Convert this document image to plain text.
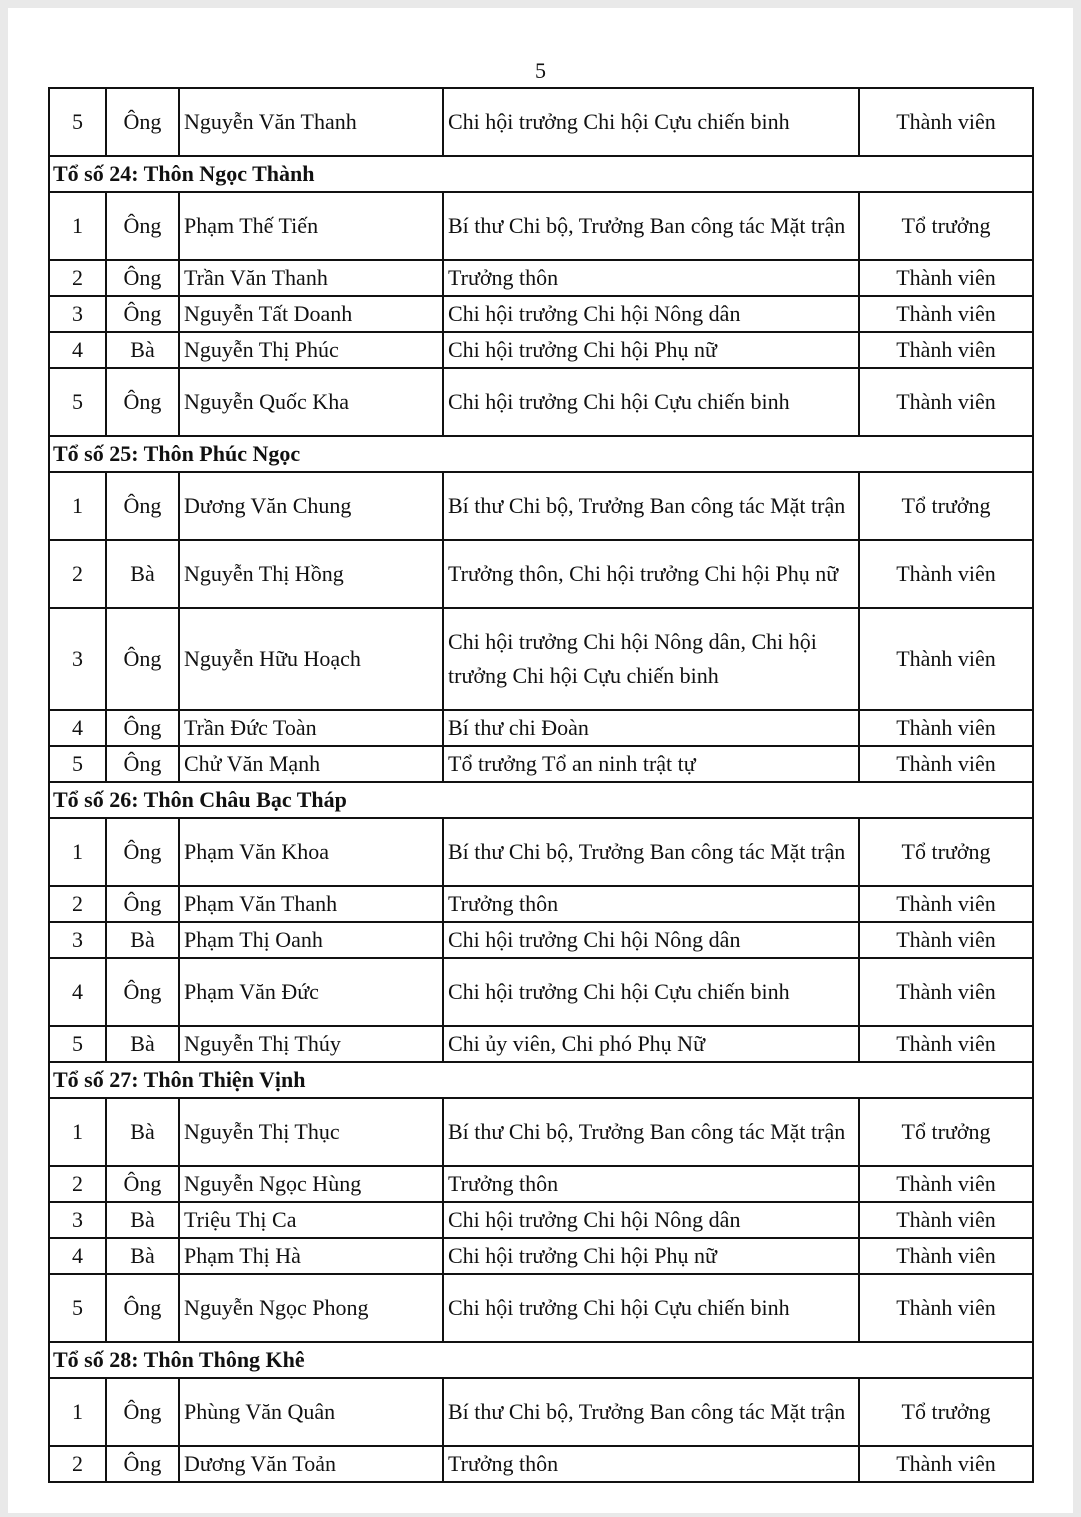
5
5	Ông	Nguyễn Văn Thanh	Chi hội trưởng Chi hội Cựu chiến binh	Thành viên
Tổ số 24: Thôn Ngọc Thành				
1	Ông	Phạm Thế Tiến	Bí thư Chi bộ, Trưởng Ban công tác Mặt trận	Tổ trưởng
2	Ông	Trần Văn Thanh	Trưởng thôn	Thành viên
3	Ông	Nguyễn Tất Doanh	Chi hội trưởng Chi hội Nông dân	Thành viên
4	Bà	Nguyễn Thị Phúc	Chi hội trưởng Chi hội Phụ nữ	Thành viên
5	Ông	Nguyễn Quốc Kha	Chi hội trưởng Chi hội Cựu chiến binh	Thành viên
Tổ số 25: Thôn Phúc Ngọc				
1	Ông	Dương Văn Chung	Bí thư Chi bộ, Trưởng Ban công tác Mặt trận	Tổ trưởng
2	Bà	Nguyễn Thị Hồng	Trưởng thôn, Chi hội trưởng Chi hội Phụ nữ	Thành viên
3	Ông	Nguyễn Hữu Hoạch	Chi hội trưởng Chi hội Nông dân, Chi hội trưởng Chi hội Cựu chiến binh	Thành viên
4	Ông	Trần Đức Toàn	Bí thư chi Đoàn	Thành viên
5	Ông	Chử Văn Mạnh	Tổ trưởng Tổ an ninh trật tự	Thành viên
Tổ số 26: Thôn Châu Bạc Tháp				
1	Ông	Phạm Văn Khoa	Bí thư Chi bộ, Trưởng Ban công tác Mặt trận	Tổ trưởng
2	Ông	Phạm Văn Thanh	Trưởng thôn	Thành viên
3	Bà	Phạm Thị Oanh	Chi hội trưởng Chi hội Nông dân	Thành viên
4	Ông	Phạm Văn Đức	Chi hội trưởng Chi hội Cựu chiến binh	Thành viên
5	Bà	Nguyễn Thị Thúy	Chi ủy viên, Chi phó Phụ Nữ	Thành viên
Tổ số 27: Thôn Thiện Vịnh				
1	Bà	Nguyễn Thị Thục	Bí thư Chi bộ, Trưởng Ban công tác Mặt trận	Tổ trưởng
2	Ông	Nguyễn Ngọc Hùng	Trưởng thôn	Thành viên
3	Bà	Triệu Thị Ca	Chi hội trưởng Chi hội Nông dân	Thành viên
4	Bà	Phạm Thị Hà	Chi hội trưởng Chi hội Phụ nữ	Thành viên
5	Ông	Nguyễn Ngọc Phong	Chi hội trưởng Chi hội Cựu chiến binh	Thành viên
Tổ số 28: Thôn Thông Khê				
1	Ông	Phùng Văn Quân	Bí thư Chi bộ, Trưởng Ban công tác Mặt trận	Tổ trưởng
2	Ông	Dương Văn Toản	Trưởng thôn	Thành viên
